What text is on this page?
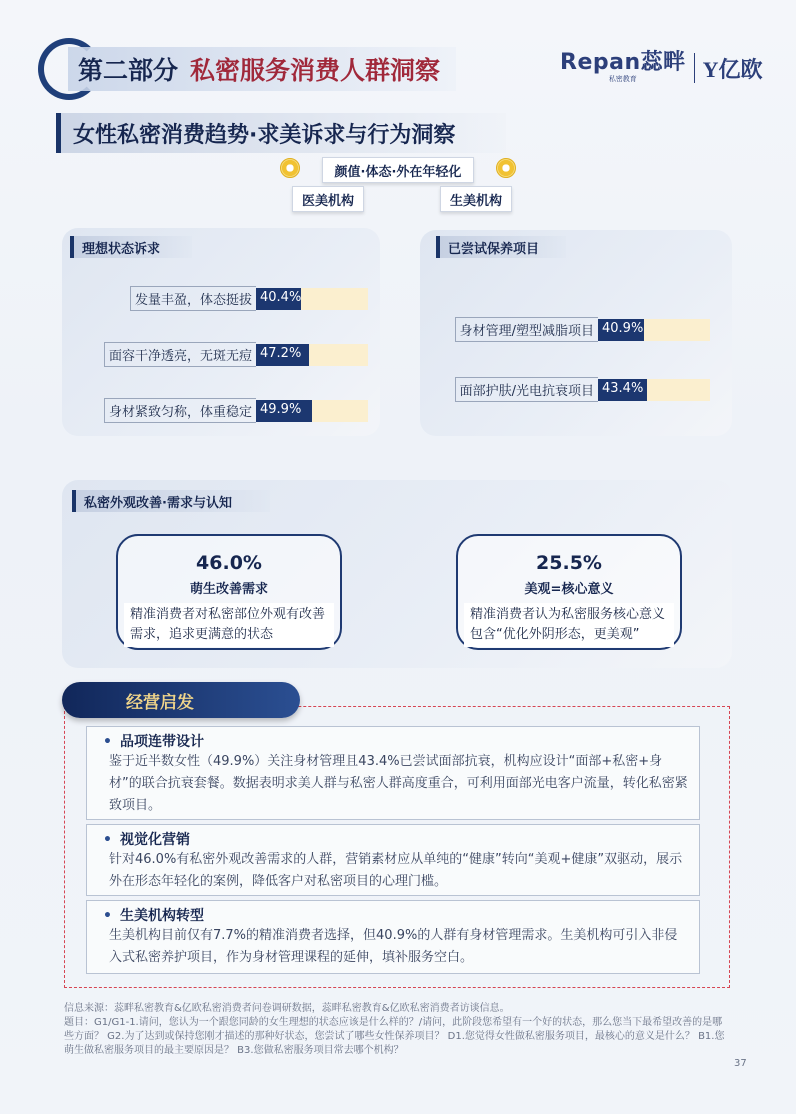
第二部分 私密服务消费人群洞察	Repan蕊畔
私密教育	Y亿欧
女性私密消费趋势·求美诉求与行为洞察
颜值·体态·外在年轻化
医美机构	生美机构
理想状态诉求
发量丰盈，体态挺拔 40.4%
面容干净透亮，无斑无痘 47.2%
身材紧致匀称，体重稳定 49.9%
已尝试保养项目
身材管理/塑型减脂项目 40.9%
面部护肤/光电抗衰项目 43.4%
私密外观改善·需求与认知
46.0%
萌生改善需求
精准消费者对私密部位外观有改善需求，追求更满意的状态
25.5%
美观=核心意义
精准消费者认为私密服务核心意义包含“优化外阴形态，更美观”
经营启发
• 品项连带设计
鉴于近半数女性（49.9%）关注身材管理且43.4%已尝试面部抗衰，机构应设计“面部+私密+身材”的联合抗衰套餐。数据表明求美人群与私密人群高度重合，可利用面部光电客户流量，转化私密紧致项目。
• 视觉化营销
针对46.0%有私密外观改善需求的人群，营销素材应从单纯的“健康”转向“美观+健康”双驱动，展示外在形态年轻化的案例，降低客户对私密项目的心理门槛。
• 生美机构转型
生美机构目前仅有7.7%的精准消费者选择，但40.9%的人群有身材管理需求。生美机构可引入非侵入式私密养护项目，作为身材管理课程的延伸，填补服务空白。
信息来源：蕊畔私密教育&亿欧私密消费者问卷调研数据，蕊畔私密教育&亿欧私密消费者访谈信息。
题目：G1/G1-1.请问，您认为一个跟您同龄的女生理想的状态应该是什么样的？/请问，此阶段您希望有一个好的状态，那么您当下最希望改善的是哪些方面？ G2.为了达到或保持您刚才描述的那种好状态，您尝试了哪些女性保养项目？ D1.您觉得女性做私密服务项目，最核心的意义是什么？ B1.您萌生做私密服务项目的最主要原因是？ B3.您做私密服务项目常去哪个机构？
37
